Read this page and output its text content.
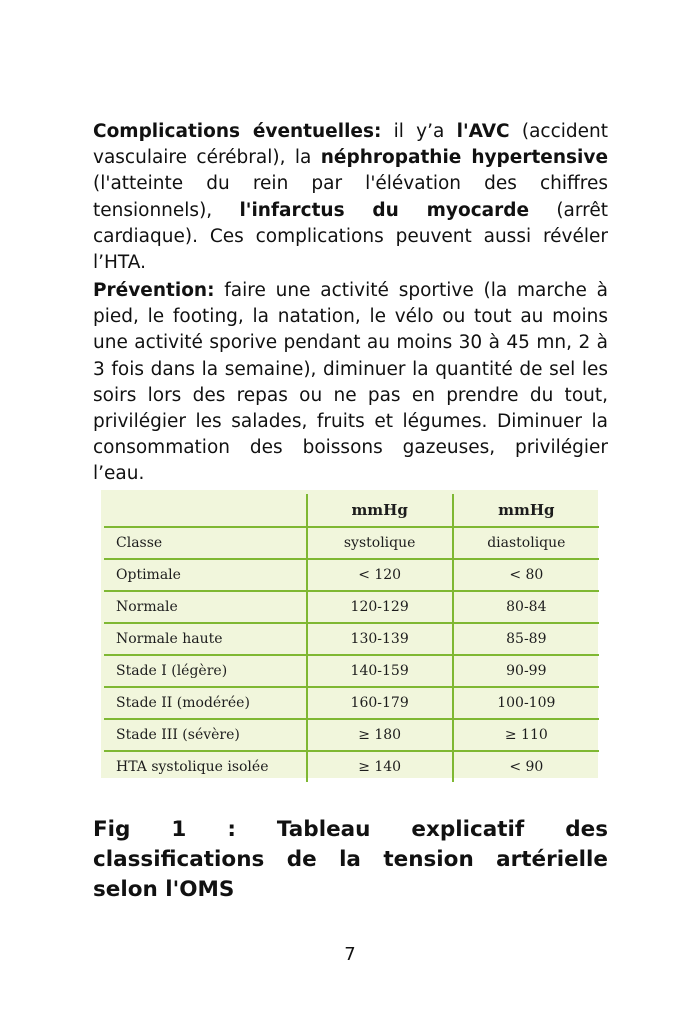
Complications éventuelles: il y’a l'AVC (accident vasculaire cérébral), la néphropathie hypertensive (l'atteinte du rein par l'élévation des chiffres tensionnels), l'infarctus du myocarde (arrêt cardiaque). Ces complications peuvent aussi révéler l’HTA.
Prévention: faire une activité sportive (la marche à pied, le footing, la natation, le vélo ou tout au moins une activité sporive pendant au moins 30 à 45 mn, 2 à 3 fois dans la semaine), diminuer la quantité de sel les soirs lors des repas ou ne pas en prendre du tout, privilégier les salades, fruits et légumes. Diminuer la consommation des boissons gazeuses, privilégier l’eau.
	mmHg	mmHg
Classe	systolique	diastolique
Optimale	< 120	< 80
Normale	120-129	80-84
Normale haute	130-139	85-89
Stade I (légère)	140-159	90-99
Stade II (modérée)	160-179	100-109
Stade III (sévère)	≥ 180	≥ 110
HTA systolique isolée	≥ 140	< 90
Fig 1 : Tableau explicatif des classifications de la tension artérielle selon l'OMS
7
